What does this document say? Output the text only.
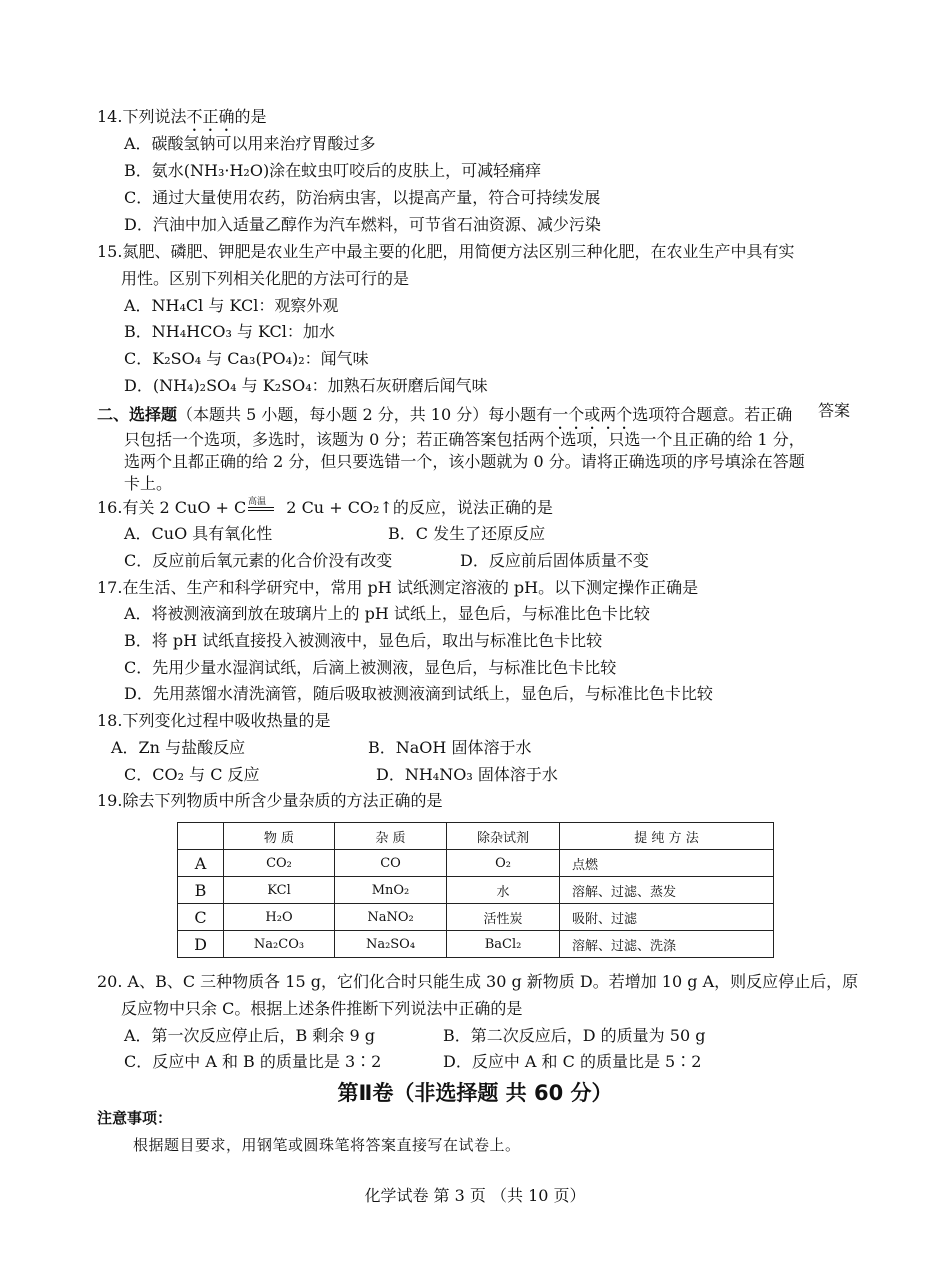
14.下列说法不正确的是
A．碳酸氢钠可以用来治疗胃酸过多
B．氨水(NH₃·H₂O)涂在蚊虫叮咬后的皮肤上，可减轻痛痒
C．通过大量使用农药，防治病虫害，以提高产量，符合可持续发展
D．汽油中加入适量乙醇作为汽车燃料，可节省石油资源、减少污染
15.氮肥、磷肥、钾肥是农业生产中最主要的化肥，用简便方法区别三种化肥，在农业生产中具有实
用性。区别下列相关化肥的方法可行的是
A．NH₄Cl 与 KCl：观察外观
B．NH₄HCO₃ 与 KCl：加水
C．K₂SO₄ 与 Ca₃(PO₄)₂：闻气味
D．(NH₄)₂SO₄ 与 K₂SO₄：加熟石灰研磨后闻气味
二、选择题（本题共 5 小题，每小题 2 分，共 10 分）每小题有一个或两个选项符合题意。若正确 答案
只包括一个选项，多选时，该题为 0 分；若正确答案包括两个选项，只选一个且正确的给 1 分，
选两个且都正确的给 2 分，但只要选错一个，该小题就为 0 分。请将正确选项的序号填涂在答题
卡上。
16.有关 2 CuO + C	2 Cu + CO₂↑的反应，说法正确的是
高温
A．CuO 具有氧化性	B．C 发生了还原反应
C．反应前后氧元素的化合价没有改变	D．反应前后固体质量不变
17.在生活、生产和科学研究中，常用 pH 试纸测定溶液的 pH。以下测定操作正确是
A．将被测液滴到放在玻璃片上的 pH 试纸上，显色后，与标准比色卡比较
B．将 pH 试纸直接投入被测液中，显色后，取出与标准比色卡比较
C．先用少量水湿润试纸，后滴上被测液，显色后，与标准比色卡比较
D．先用蒸馏水清洗滴管，随后吸取被测液滴到试纸上，显色后，与标准比色卡比较
18.下列变化过程中吸收热量的是
A．Zn 与盐酸反应	B．NaOH 固体溶于水
C．CO₂ 与 C 反应	D．NH₄NO₃ 固体溶于水
19.除去下列物质中所含少量杂质的方法正确的是
	物 质	杂 质	除杂试剂	提 纯 方 法
A	CO₂	CO	O₂	点燃
B	KCl	MnO₂	水	溶解、过滤、蒸发
C	H₂O	NaNO₂	活性炭	吸附、过滤
D	Na₂CO₃	Na₂SO₄	BaCl₂	溶解、过滤、洗涤
20. A、B、C 三种物质各 15 g，它们化合时只能生成 30 g 新物质 D。若增加 10 g A，则反应停止后，原
反应物中只余 C。根据上述条件推断下列说法中正确的是
A．第一次反应停止后，B 剩余 9 g	B．第二次反应后，D 的质量为 50 g
C．反应中 A 和 B 的质量比是 3∶2	D．反应中 A 和 C 的质量比是 5∶2
第Ⅱ卷（非选择题 共 60 分）
注意事项：
根据题目要求，用钢笔或圆珠笔将答案直接写在试卷上。
化学试卷 第 3 页 （共 10 页）
